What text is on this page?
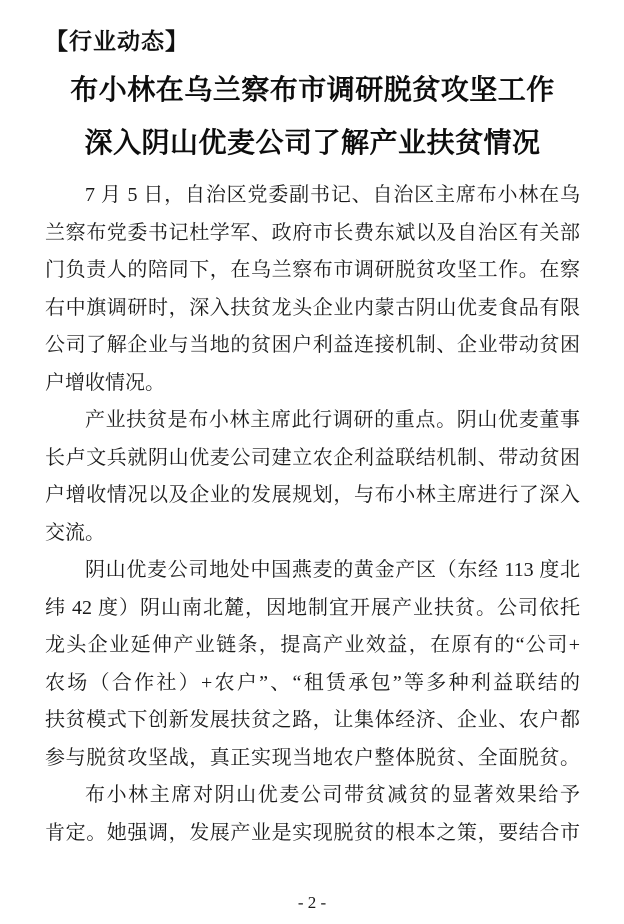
【行业动态】
布小林在乌兰察布市调研脱贫攻坚工作
深入阴山优麦公司了解产业扶贫情况
7 月 5 日，自治区党委副书记、自治区主席布小林在乌
兰察布党委书记杜学军、政府市长费东斌以及自治区有关部
门负责人的陪同下，在乌兰察布市调研脱贫攻坚工作。在察
右中旗调研时，深入扶贫龙头企业内蒙古阴山优麦食品有限
公司了解企业与当地的贫困户利益连接机制、企业带动贫困
户增收情况。
产业扶贫是布小林主席此行调研的重点。阴山优麦董事
长卢文兵就阴山优麦公司建立农企利益联结机制、带动贫困
户增收情况以及企业的发展规划，与布小林主席进行了深入
交流。
阴山优麦公司地处中国燕麦的黄金产区（东经 113 度北
纬 42 度）阴山南北麓，因地制宜开展产业扶贫。公司依托
龙头企业延伸产业链条，提高产业效益，在原有的“公司+
农场（合作社）+农户”、“租赁承包”等多种利益联结的
扶贫模式下创新发展扶贫之路，让集体经济、企业、农户都
参与脱贫攻坚战，真正实现当地农户整体脱贫、全面脱贫。
布小林主席对阴山优麦公司带贫减贫的显著效果给予
肯定。她强调，发展产业是实现脱贫的根本之策，要结合市
- 2 -
